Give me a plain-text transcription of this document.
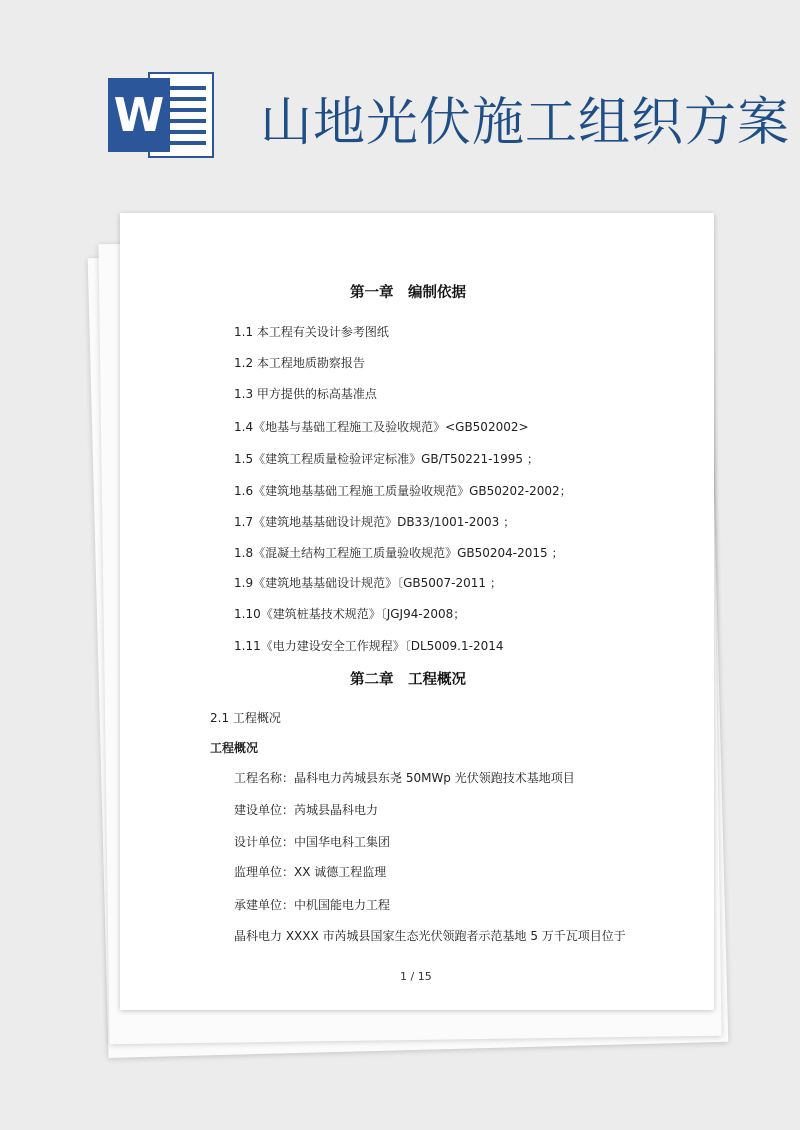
W 山地光伏施工组织方案
第一章　编制依据
1.1 本工程有关设计参考图纸
1.2 本工程地质勘察报告
1.3 甲方提供的标高基准点
1.4《地基与基础工程施工及验收规范》<GB502002>
1.5《建筑工程质量检验评定标准》GB/T50221-1995 ；
1.6《建筑地基基础工程施工质量验收规范》GB50202-2002；
1.7《建筑地基基础设计规范》DB33/1001-2003 ；
1.8《混凝土结构工程施工质量验收规范》GB50204-2015 ；
1.9《建筑地基基础设计规范》〔GB5007-2011 ；
1.10《建筑桩基技术规范》〔JGJ94-2008；
1.11《电力建设安全工作规程》〔DL5009.1-2014
第二章　工程概况
2.1 工程概况
工程概况
工程名称：晶科电力芮城县东尧 50MWp 光伏领跑技术基地项目
建设单位：芮城县晶科电力
设计单位：中国华电科工集团
监理单位：XX 诚德工程监理
承建单位：中机国能电力工程
晶科电力 XXXX 市芮城县国家生态光伏领跑者示范基地 5 万千瓦项目位于
1 / 15
